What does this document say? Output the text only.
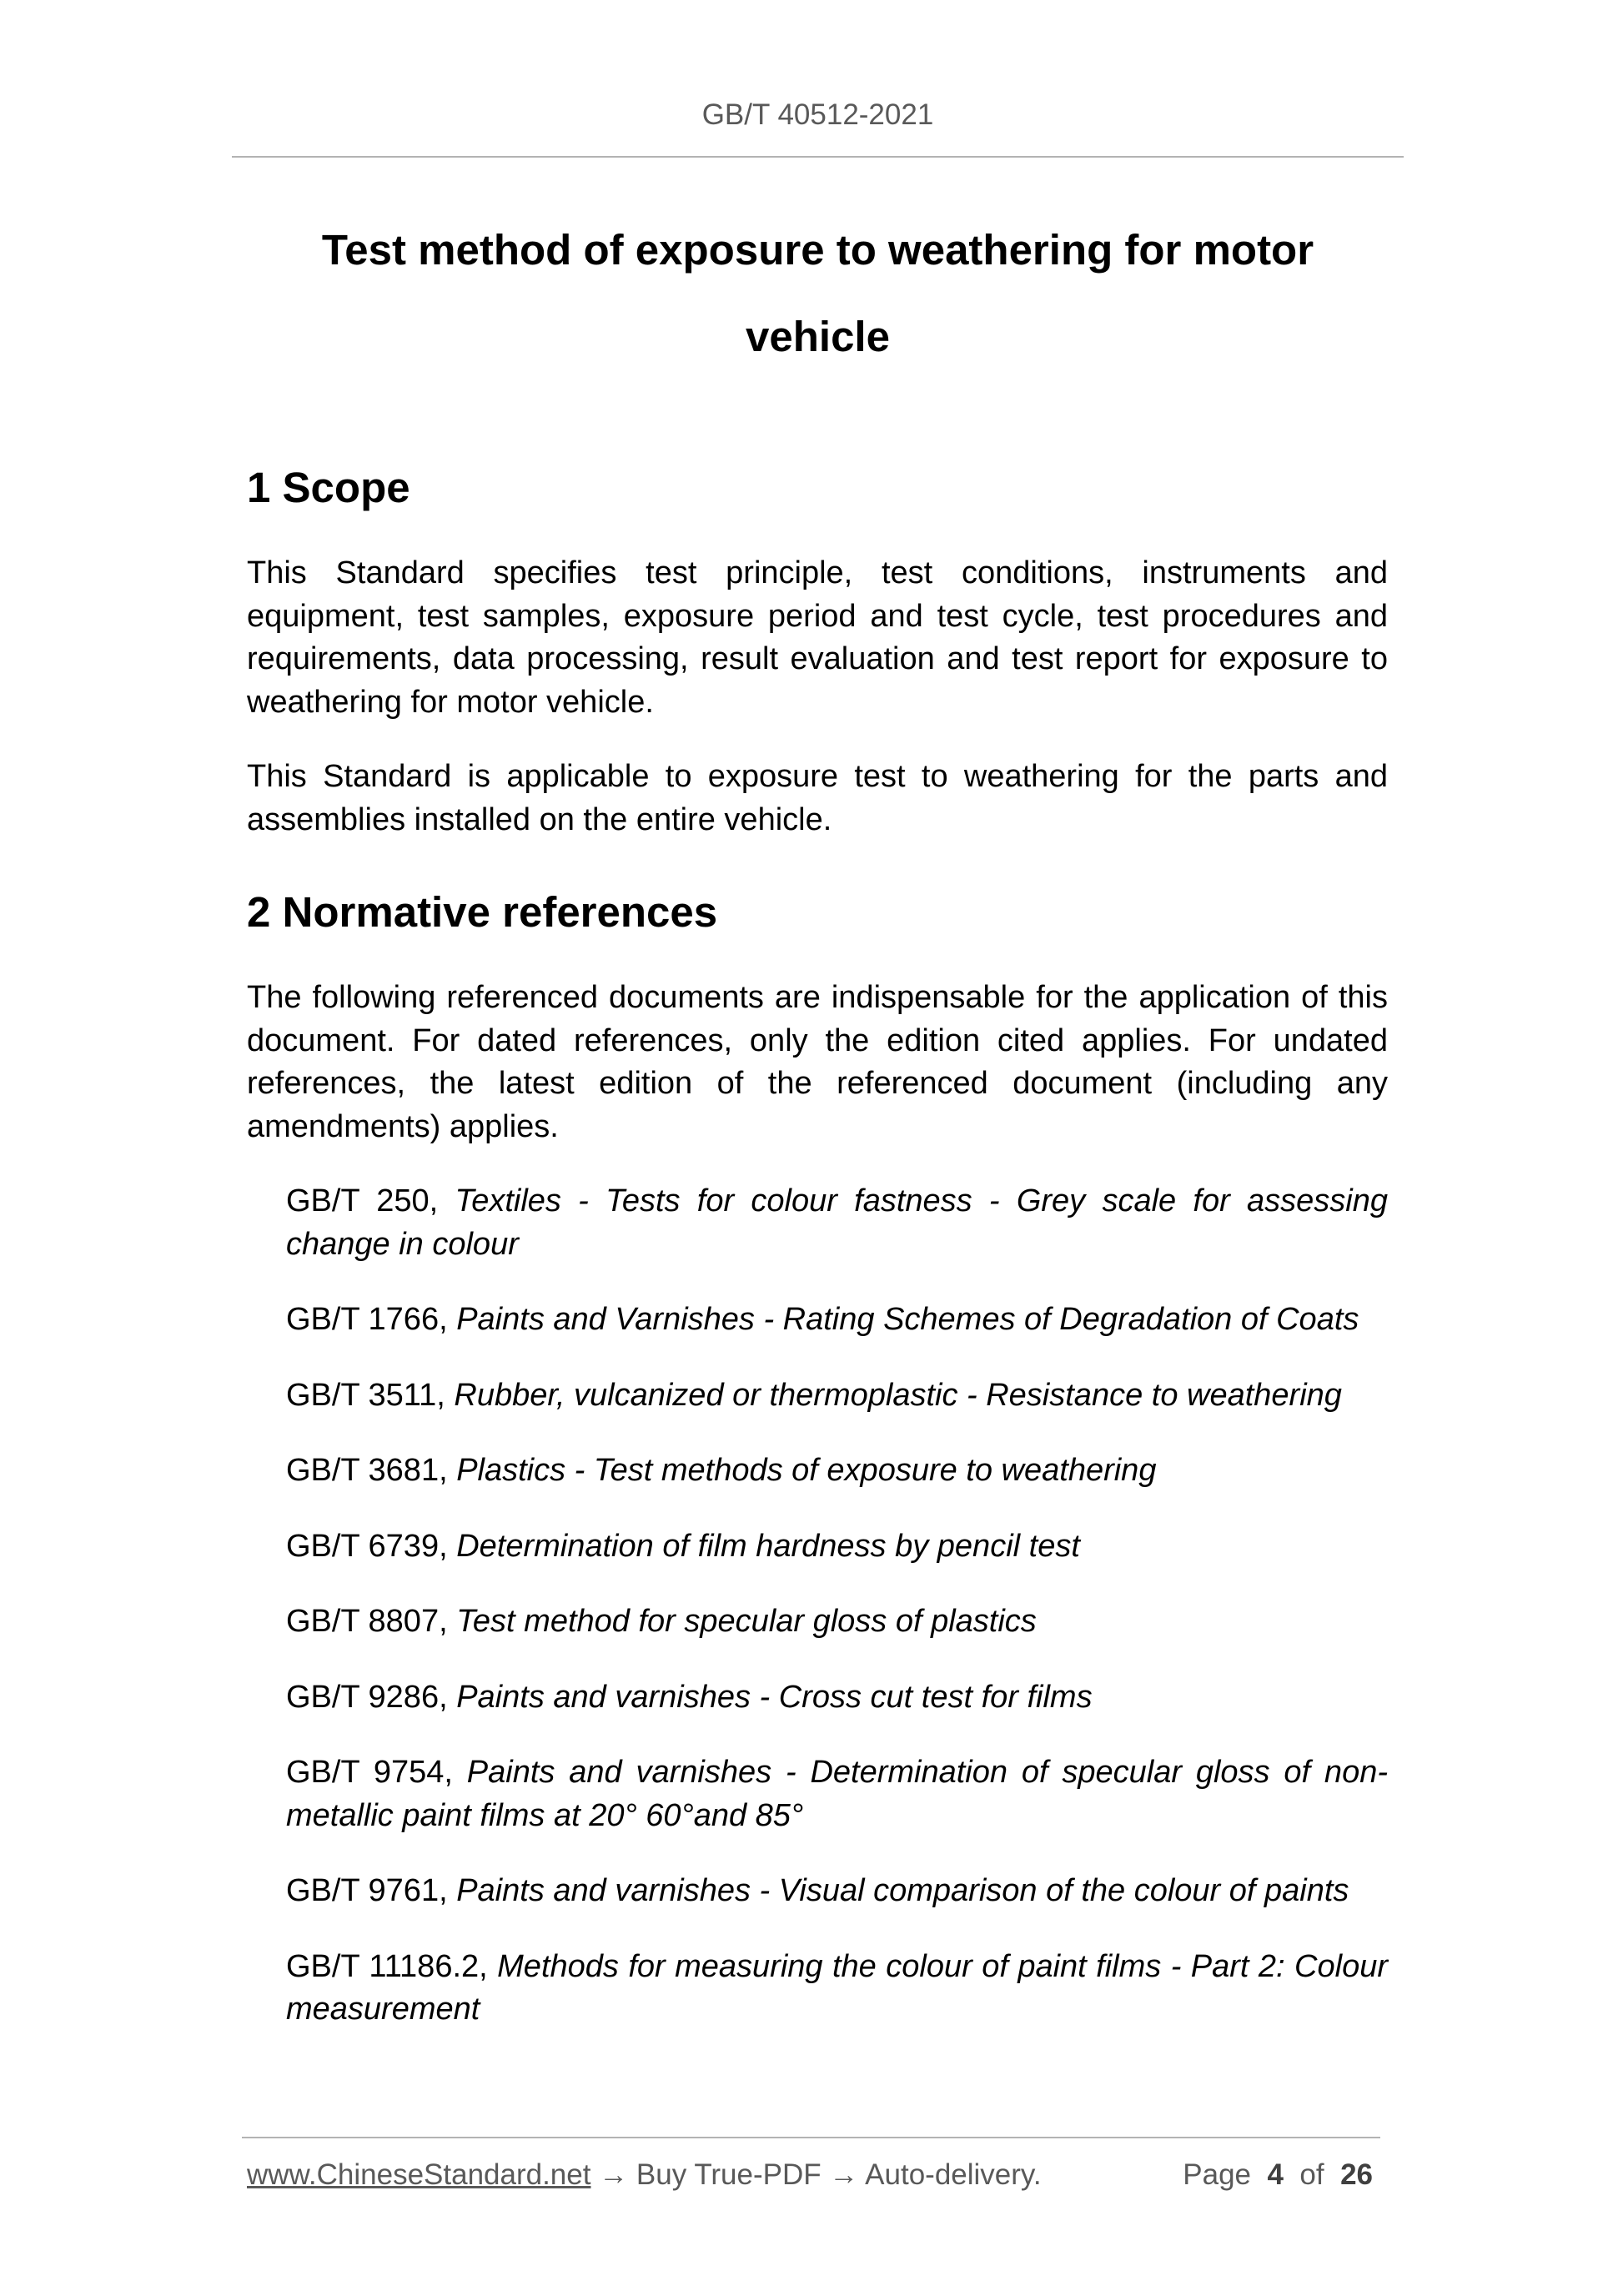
GB/T 40512-2021
Test method of exposure to weathering for motor
vehicle
1 Scope

This Standard specifies test principle, test conditions, instruments and equipment, test samples, exposure period and test cycle, test procedures and requirements, data processing, result evaluation and test report for exposure to weathering for motor vehicle.

This Standard is applicable to exposure test to weathering for the parts and assemblies installed on the entire vehicle.

2 Normative references

The following referenced documents are indispensable for the application of this document. For dated references, only the edition cited applies. For undated references, the latest edition of the referenced document (including any amendments) applies.

GB/T 250, Textiles - Tests for colour fastness - Grey scale for assessing change in colour

GB/T 1766, Paints and Varnishes - Rating Schemes of Degradation of Coats

GB/T 3511, Rubber, vulcanized or thermoplastic - Resistance to weathering

GB/T 3681, Plastics - Test methods of exposure to weathering

GB/T 6739, Determination of film hardness by pencil test

GB/T 8807, Test method for specular gloss of plastics

GB/T 9286, Paints and varnishes - Cross cut test for films

GB/T 9754, Paints and varnishes - Determination of specular gloss of non-metallic paint films at 20° 60°and 85°

GB/T 9761, Paints and varnishes - Visual comparison of the colour of paints

GB/T 11186.2, Methods for measuring the colour of paint films - Part 2: Colour measurement

www.ChineseStandard.net → Buy True-PDF → Auto-delivery.	Page 4 of 26
